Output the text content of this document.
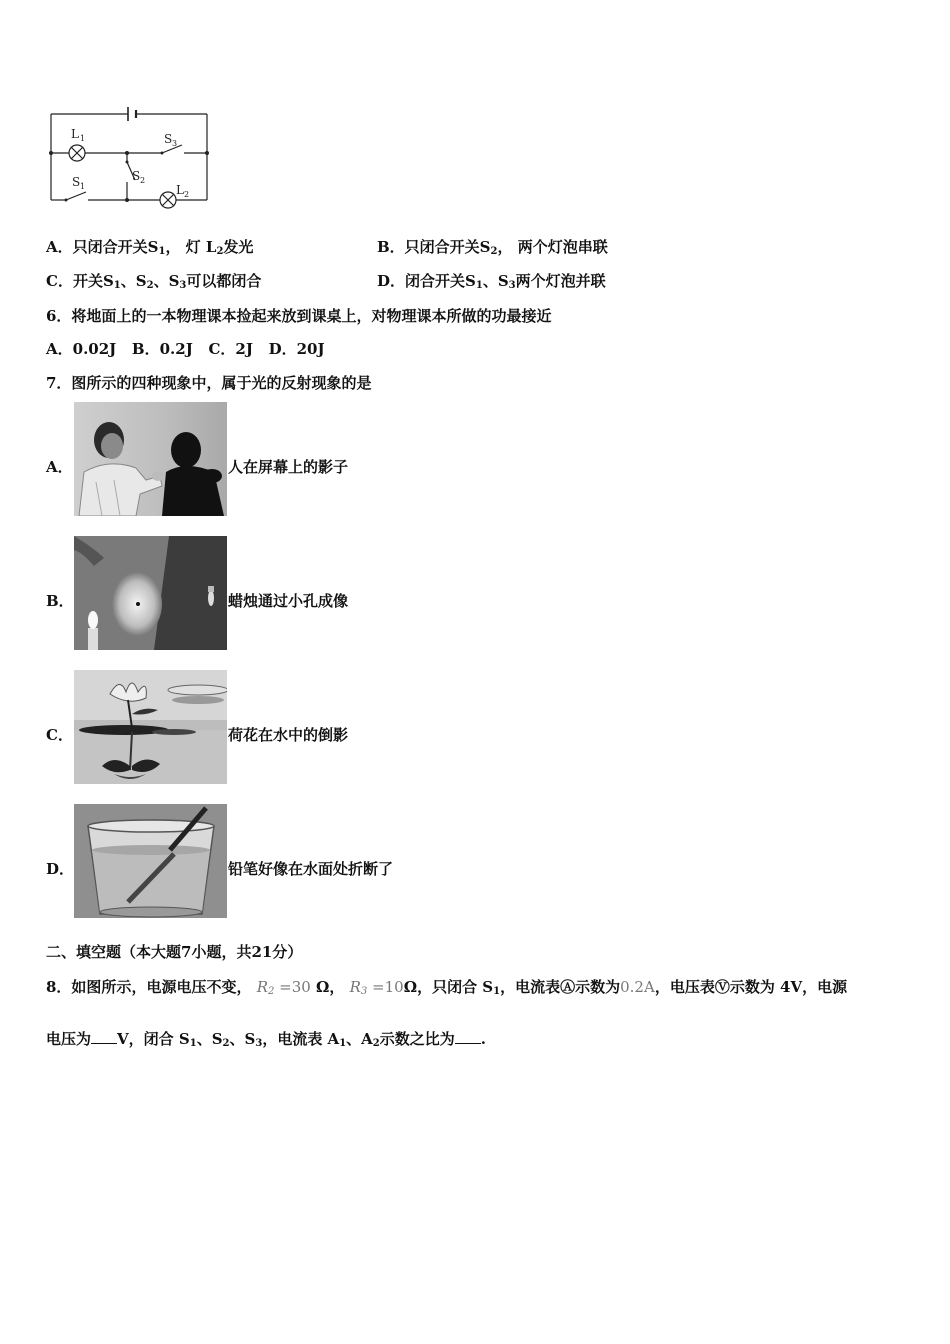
L 1	S 3
S 1
S 2
L 2
A．只闭合开关$S_1$， 灯 $L_2$发光	B．只闭合开关$S_2$， 两个灯泡串联
C．开关$S_1$、$S_2$、$S_3$可以都闭合	D．闭合开关$S_1$、$S_3$两个灯泡并联
6．将地面上的一本物理课本捡起来放到课桌上，对物理课本所做的功最接近
A．0.02J   B．0.2J   C．2J   D．20J
7．图所示的四种现象中，属于光的反射现象的是
A．	人在屏幕上的影子
B．	蜡烛通过小孔成像
C．	荷花在水中的倒影
D．	铅笔好像在水面处折断了
二、填空题（本大题7小题，共21分）
8．如图所示，电源电压不变， $R_2 =30$ Ω， $R_3 =10\Omega$，只闭合 $S_1$，电流表Ⓐ示数为0.2A，电压表Ⓥ示数为 4V，电源
电压为 V，闭合 $S_1$、$S_2$、$S_3$，电流表 $A_1$、$A_2$示数之比为 .
